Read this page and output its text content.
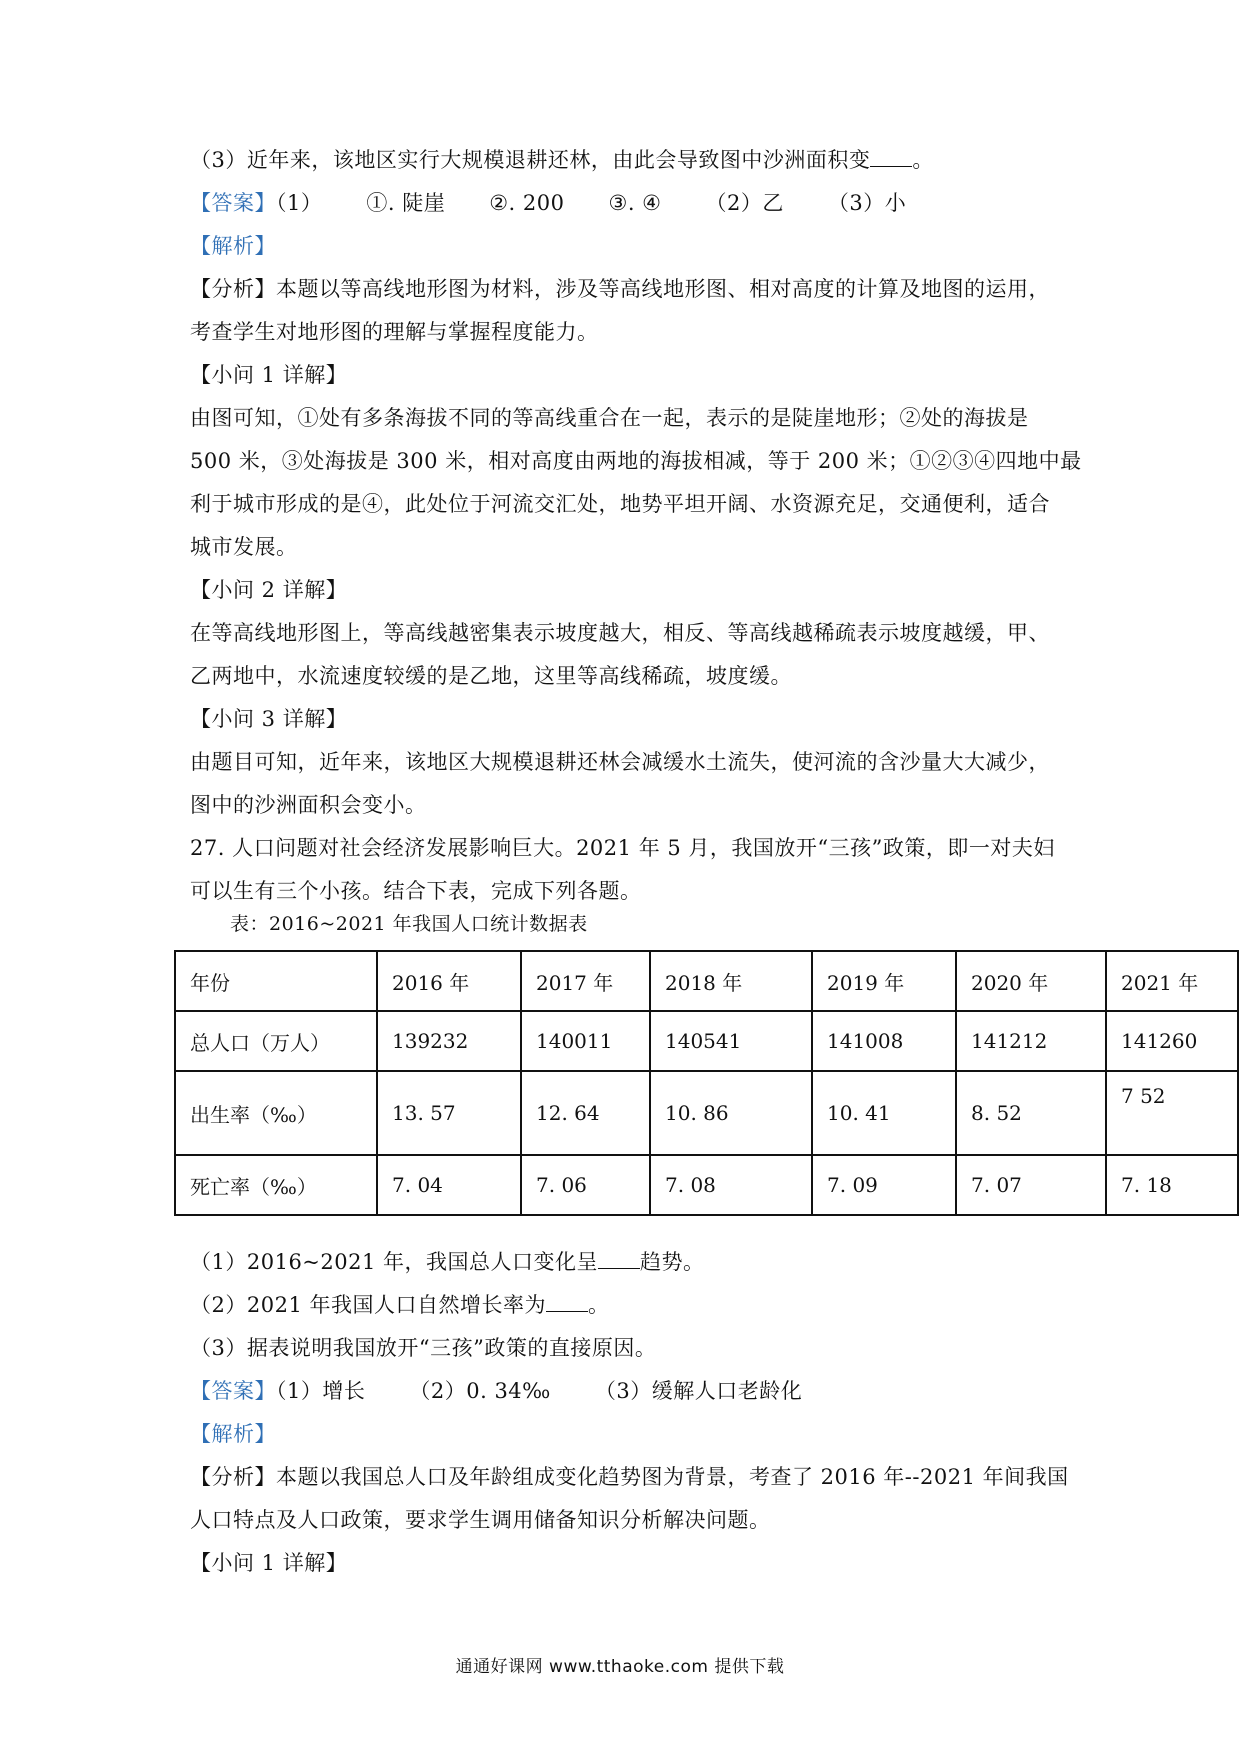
（3）近年来，该地区实行大规模退耕还林，由此会导致图中沙洲面积变 。
【答案】（1） ①. 陡崖 ②. 200 ③. ④ （2）乙 （3）小
【解析】
【分析】本题以等高线地形图为材料，涉及等高线地形图、相对高度的计算及地图的运用，
考查学生对地形图的理解与掌握程度能力。
【小问 1 详解】
由图可知，①处有多条海拔不同的等高线重合在一起，表示的是陡崖地形；②处的海拔是
500 米，③处海拔是 300 米，相对高度由两地的海拔相减，等于 200 米；①②③④四地中最
利于城市形成的是④，此处位于河流交汇处，地势平坦开阔、水资源充足，交通便利，适合
城市发展。
【小问 2 详解】
在等高线地形图上，等高线越密集表示坡度越大，相反、等高线越稀疏表示坡度越缓，甲、
乙两地中，水流速度较缓的是乙地，这里等高线稀疏，坡度缓。
【小问 3 详解】
由题目可知，近年来，该地区大规模退耕还林会减缓水土流失，使河流的含沙量大大减少，
图中的沙洲面积会变小。
27. 人口问题对社会经济发展影响巨大。2021 年 5 月，我国放开“三孩”政策，即一对夫妇
可以生有三个小孩。结合下表，完成下列各题。
表：2016~2021 年我国人口统计数据表
年份	2016 年	2017 年	2018 年	2019 年	2020 年	2021 年
总人口（万人）	139232	140011	140541	141008	141212	141260
出生率（‰）	13. 57	12. 64	10. 86	10. 41	8. 52	7 52
死亡率（‰）	7. 04	7. 06	7. 08	7. 09	7. 07	7. 18
（1）2016~2021 年，我国总人口变化呈 趋势。
（2）2021 年我国人口自然增长率为 。
（3）据表说明我国放开“三孩”政策的直接原因。
【答案】（1）增长 （2）0. 34‰ （3）缓解人口老龄化
【解析】
【分析】本题以我国总人口及年龄组成变化趋势图为背景，考查了 2016 年--2021 年间我国
人口特点及人口政策，要求学生调用储备知识分析解决问题。
【小问 1 详解】
通通好课网 www.tthaoke.com 提供下载
